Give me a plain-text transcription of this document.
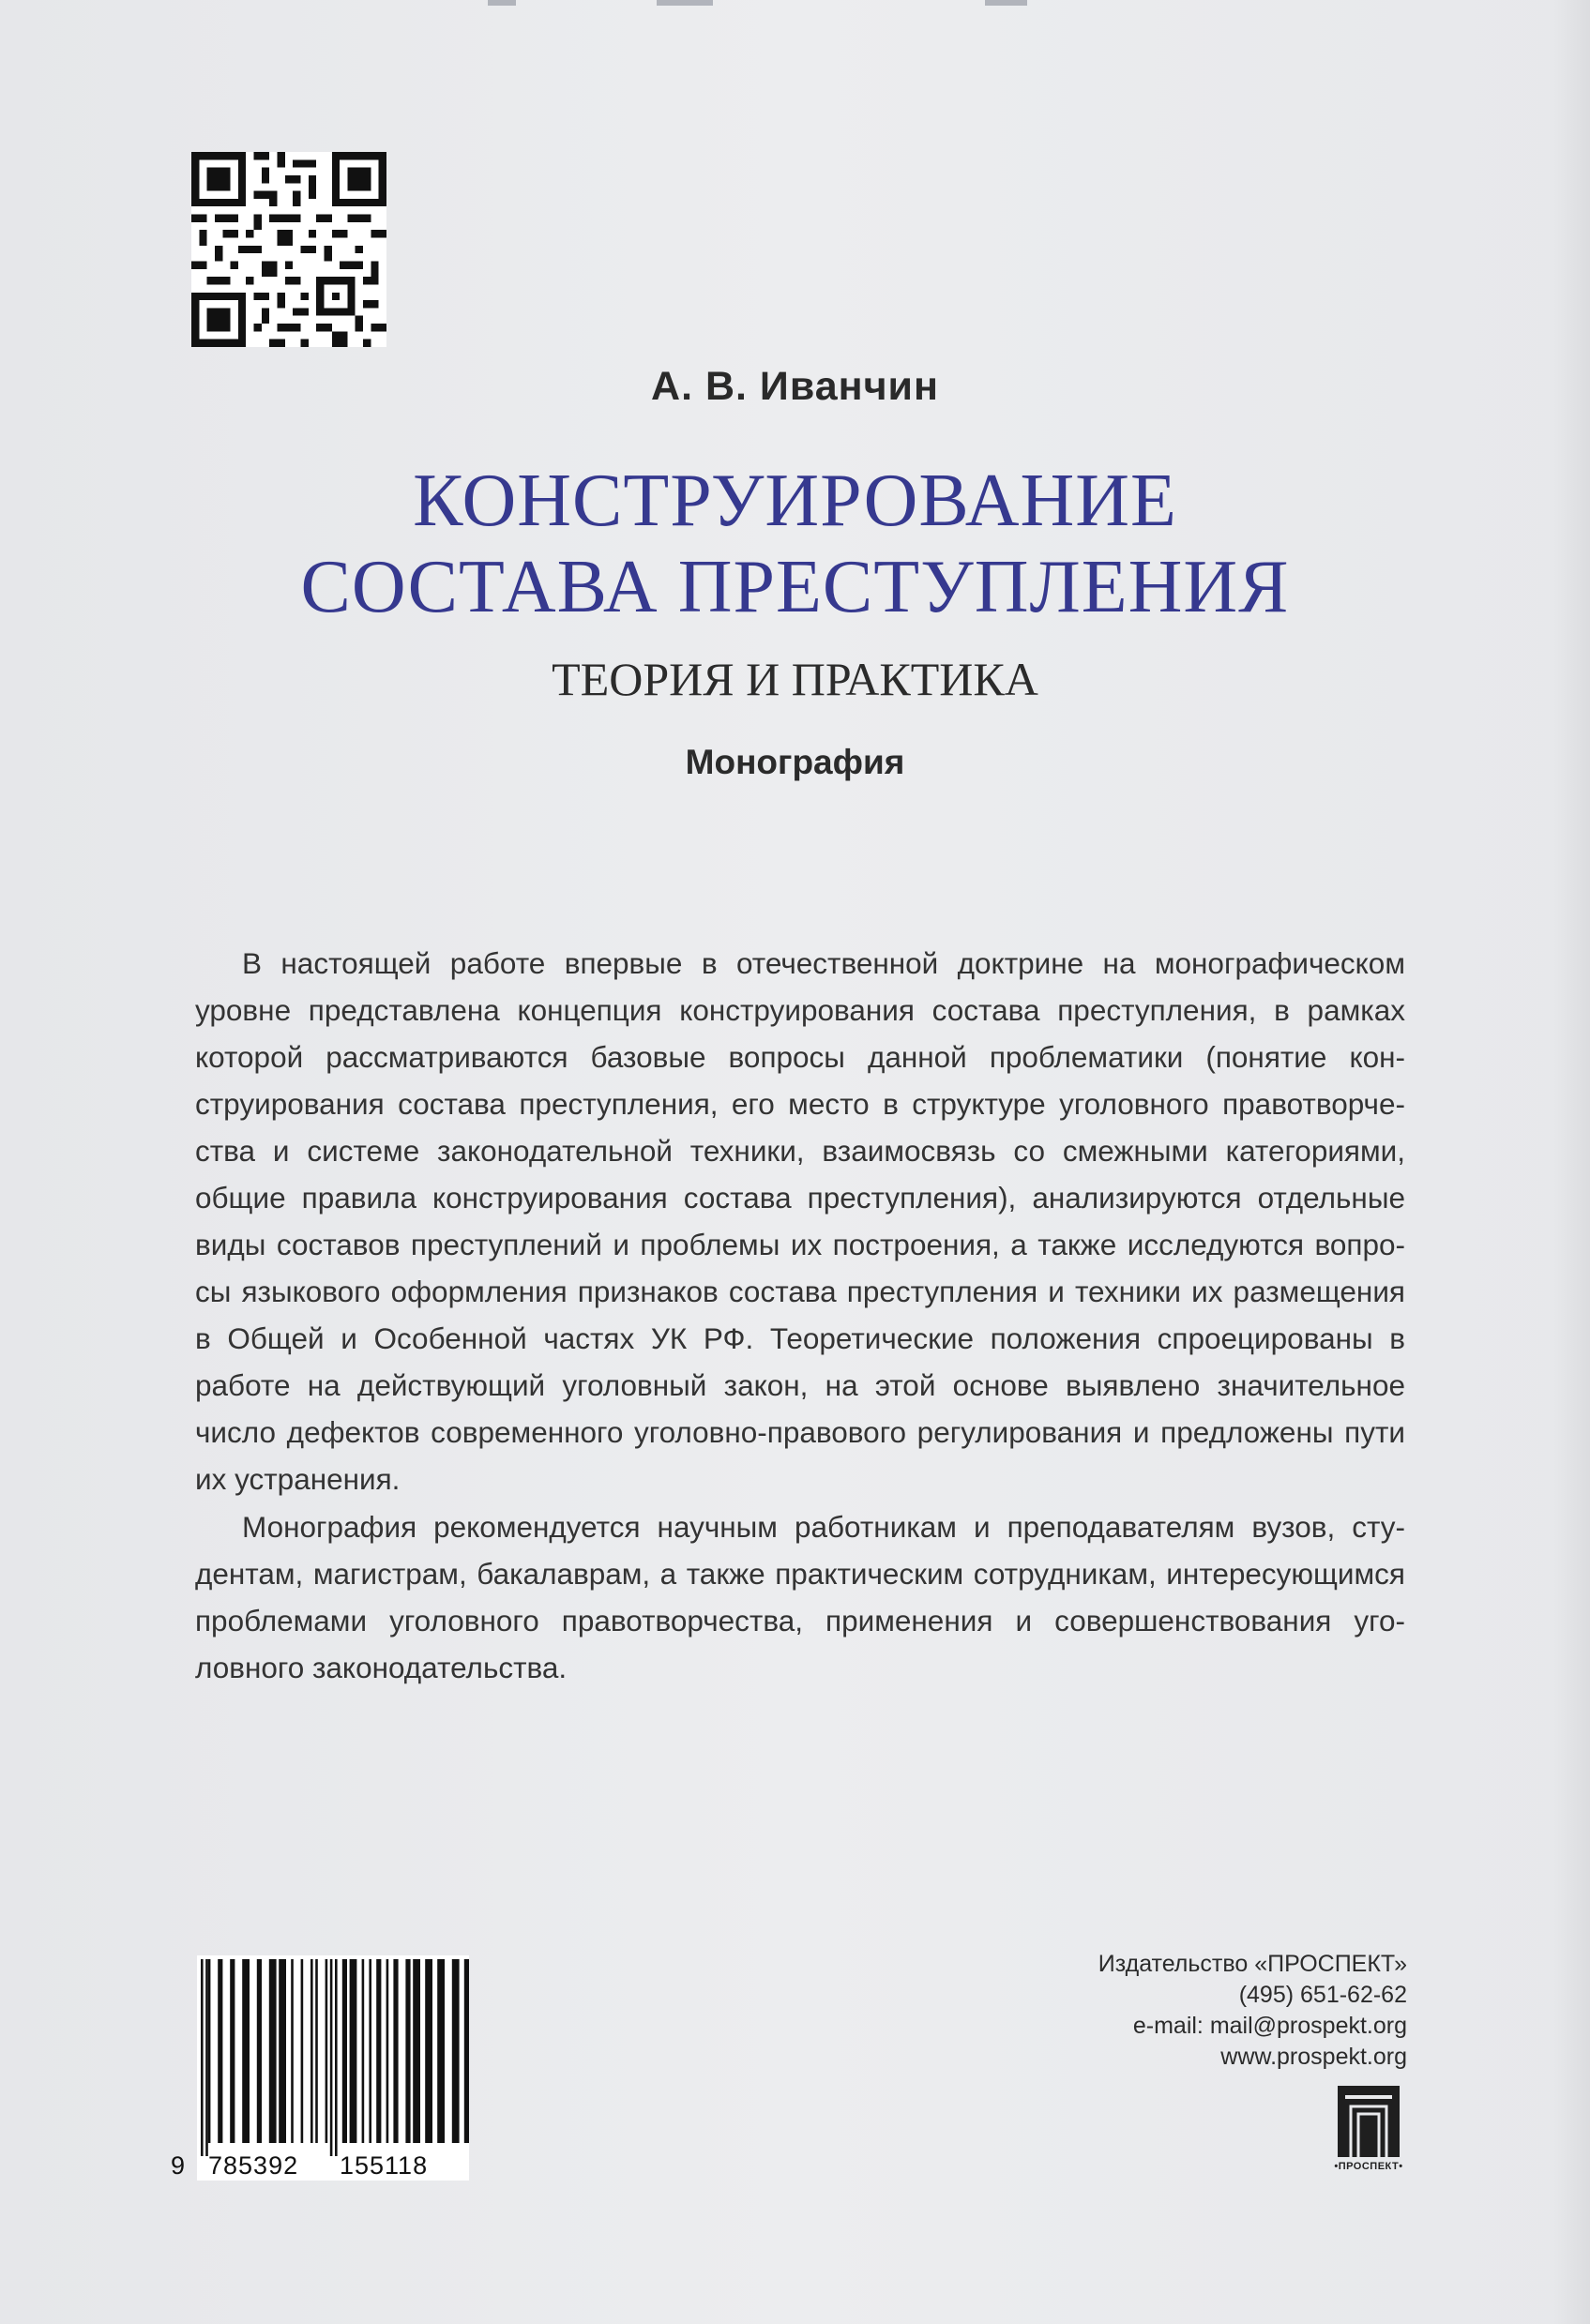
А. В. Иванчин
КОНСТРУИРОВАНИЕ
СОСТАВА ПРЕСТУПЛЕНИЯ
ТЕОРИЯ И ПРАКТИКА
Монография

В настоящей работе впервые в отечественной доктрине на монографическом уровне представлена концепция конструирования состава преступления, в рамках которой рассматриваются базовые вопросы данной проблематики (понятие конструирования состава преступления, его место в структуре уголовного правотворчества и системе законодательной техники, взаимосвязь со смежными категориями, общие правила конструирования состава преступления), анализируются отдельные виды составов преступлений и проблемы их построения, а также исследуются вопросы языкового оформления признаков состава преступления и техники их размещения в Общей и Особенной частях УК РФ. Теоретические положения спроецированы в работе на действующий уголовный закон, на этой основе выявлено значительное число дефектов современного уголовно-правового регулирования и предложены пути их устранения.

Монография рекомендуется научным работникам и преподавателям вузов, студентам, магистрам, бакалаврам, а также практическим сотрудникам, интересующимся проблемами уголовного правотворчества, применения и совершенствования уголовного законодательства.

9 785392 155118
Издательство «ПРОСПЕКТ»
(495) 651-62-62
e-mail: mail@prospekt.org
www.prospekt.org
•ПРОСПЕКТ•
